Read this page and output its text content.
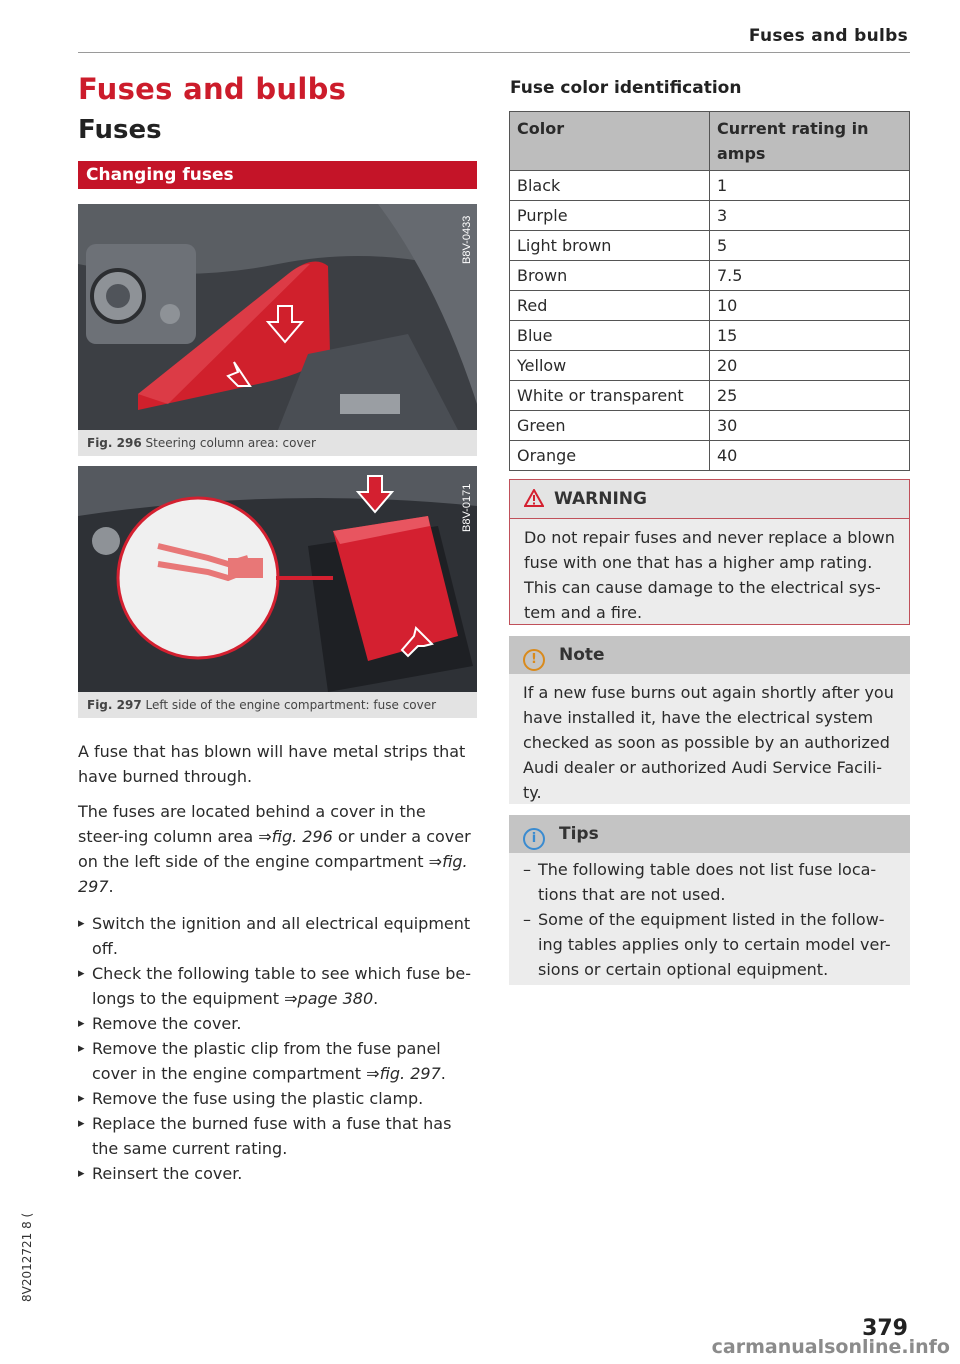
Fuses and bulbs
Fuses and bulbs
Fuses
Changing fuses
B8V-0433
Fig. 296 Steering column area: cover
B8V-0171
Fig. 297 Left side of the engine compartment: fuse cover
A fuse that has blown will have metal strips that have burned through.
The fuses are located behind a cover in the steer-ing column area ⇒fig. 296 or under a cover on the left side of the engine compartment ⇒fig. 297.
▸ Switch the ignition and all electrical equipment off.
▸ Check the following table to see which fuse be-longs to the equipment ⇒page 380.
▸ Remove the cover.
▸ Remove the plastic clip from the fuse panel cover in the engine compartment ⇒fig. 297.
▸ Remove the fuse using the plastic clamp.
▸ Replace the burned fuse with a fuse that has the same current rating.
▸ Reinsert the cover.
Fuse color identification
Color	Current rating in amps
Black	1
Purple	3
Light brown	5
Brown	7.5
Red	10
Blue	15
Yellow	20
White or transparent	25
Green	30
Orange	40
WARNING
Do not repair fuses and never replace a blown fuse with one that has a higher amp rating. This can cause damage to the electrical sys-tem and a fire.
! Note
If a new fuse burns out again shortly after you have installed it, have the electrical system checked as soon as possible by an authorized Audi dealer or authorized Audi Service Facili-ty.
i Tips
– The following table does not list fuse loca-tions that are not used.
– Some of the equipment listed in the follow-ing tables applies only to certain model ver-sions or certain optional equipment.
8V2012721 8 (
379
carmanualsonline.info
